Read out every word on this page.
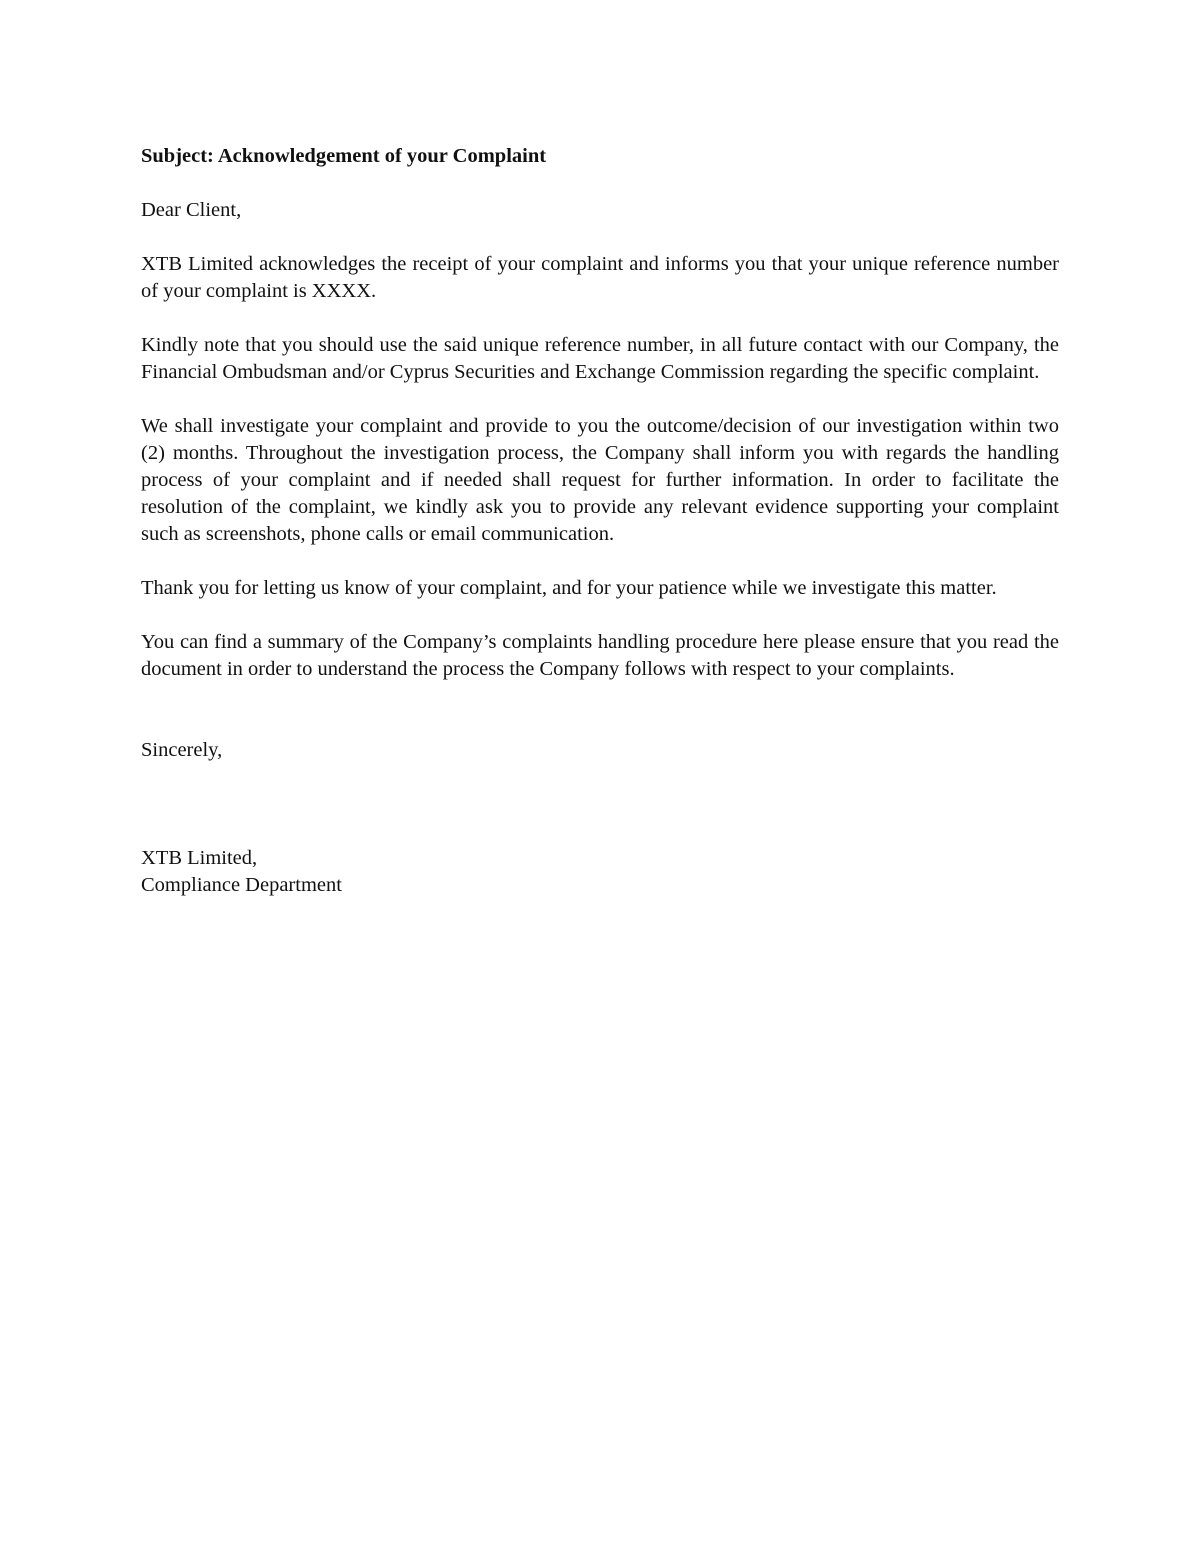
Subject: Acknowledgement of your Complaint

Dear Client,

XTB Limited acknowledges the receipt of your complaint and informs you that your unique reference number of your complaint is XXXX.

Kindly note that you should use the said unique reference number, in all future contact with our Company, the Financial Ombudsman and/or Cyprus Securities and Exchange Commission regarding the specific complaint.

We shall investigate your complaint and provide to you the outcome/decision of our investigation within two (2) months. Throughout the investigation process, the Company shall inform you with regards the handling process of your complaint and if needed shall request for further information. In order to facilitate the resolution of the complaint, we kindly ask you to provide any relevant evidence supporting your complaint such as screenshots, phone calls or email communication.

Thank you for letting us know of your complaint, and for your patience while we investigate this matter.

You can find a summary of the Company’s complaints handling procedure here please ensure that you read the document in order to understand the process the Company follows with respect to your complaints.

Sincerely,

XTB Limited,
Compliance Department
